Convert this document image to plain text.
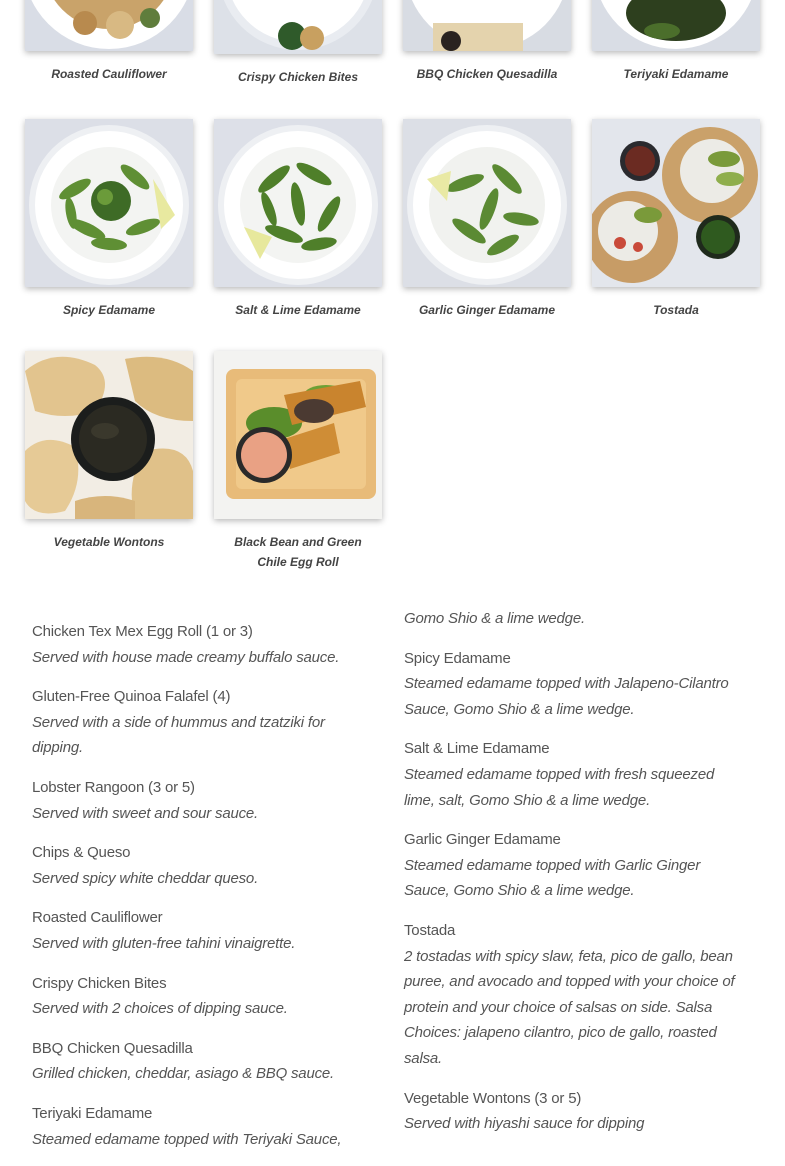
Roasted Cauliflower	Crispy Chicken Bites	BBQ Chicken Quesadilla	Teriyaki Edamame
Spicy Edamame	Salt & Lime Edamame	Garlic Ginger Edamame	Tostada
Vegetable Wontons	Black Bean and Green Chile Egg Roll
Chicken Tex Mex Egg Roll (1 or 3)
Served with house made creamy buffalo sauce.
Gluten-Free Quinoa Falafel (4)
Served with a side of hummus and tzatziki for dipping.
Lobster Rangoon (3 or 5)
Served with sweet and sour sauce.
Chips & Queso
Served spicy white cheddar queso.
Roasted Cauliflower
Served with gluten-free tahini vinaigrette.
Crispy Chicken Bites
Served with 2 choices of dipping sauce.
BBQ Chicken Quesadilla
Grilled chicken, cheddar, asiago & BBQ sauce.
Teriyaki Edamame
Steamed edamame topped with Teriyaki Sauce,
Gomo Shio & a lime wedge.
Spicy Edamame
Steamed edamame topped with Jalapeno-Cilantro Sauce, Gomo Shio & a lime wedge.
Salt & Lime Edamame
Steamed edamame topped with fresh squeezed lime, salt, Gomo Shio & a lime wedge.
Garlic Ginger Edamame
Steamed edamame topped with Garlic Ginger Sauce, Gomo Shio & a lime wedge.
Tostada
2 tostadas with spicy slaw, feta, pico de gallo, bean puree, and avocado and topped with your choice of protein and your choice of salsas on side. Salsa Choices: jalapeno cilantro, pico de gallo, roasted salsa.
Vegetable Wontons (3 or 5)
Served with hiyashi sauce for dipping
